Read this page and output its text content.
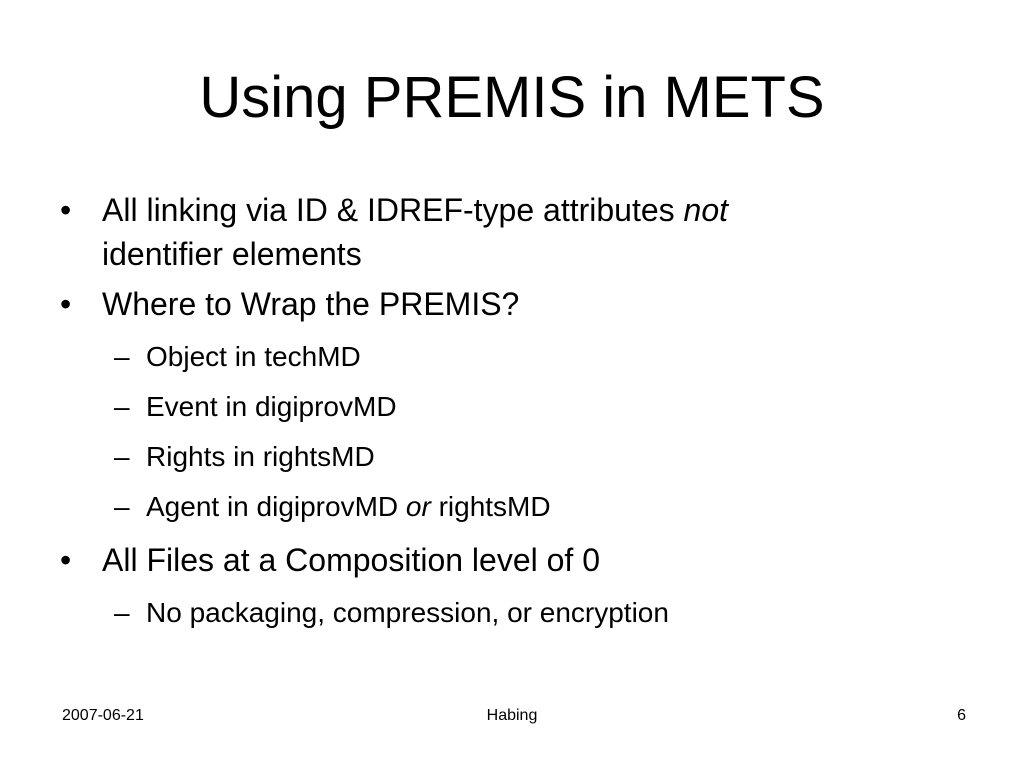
Using PREMIS in METS
• All linking via ID & IDREF-type attributes not
identifier elements
• Where to Wrap the PREMIS?
– Object in techMD
– Event in digiprovMD
– Rights in rightsMD
– Agent in digiprovMD or rightsMD
• All Files at a Composition level of 0
– No packaging, compression, or encryption
2007-06-21	Habing	6
